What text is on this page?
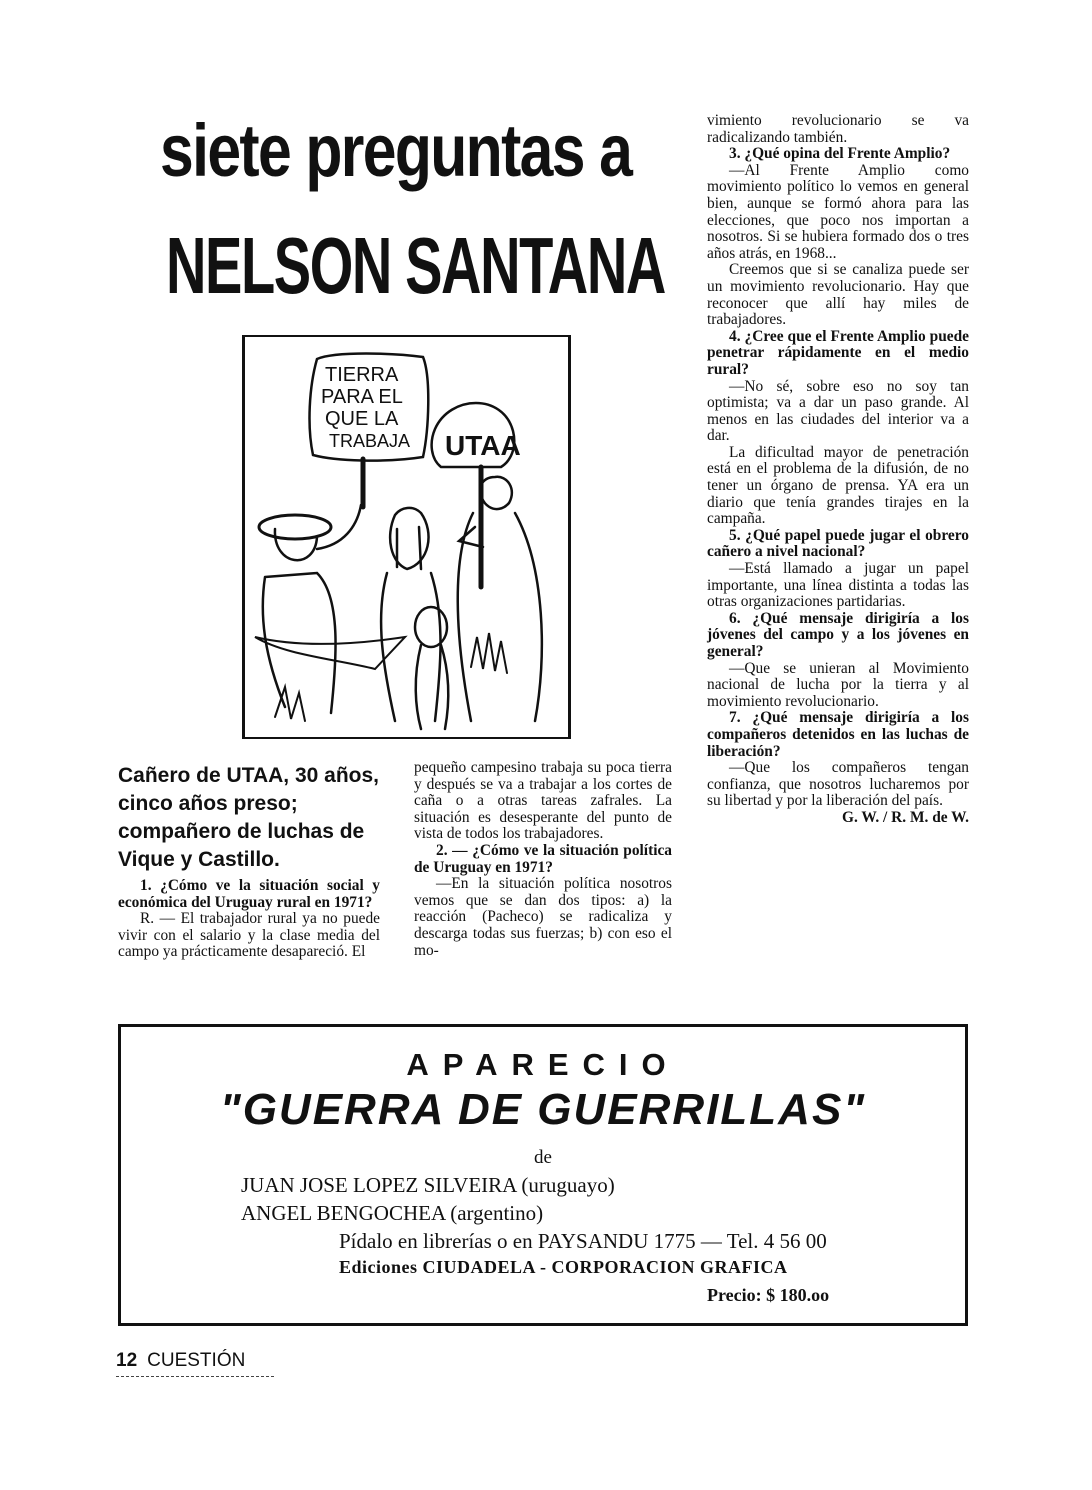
siete preguntas a
NELSON SANTANA
TIERRA
PARA EL
QUE LA
TRABAJA UTAA
Cañero de UTAA, 30 años, cinco años preso; compañero de luchas de Vique y Castillo.

1. ¿Cómo ve la situación social y económica del Uruguay rural en 1971?

R. — El trabajador rural ya no puede vivir con el salario y la clase media del campo ya prácticamente desapareció. El

pequeño campesino trabaja su poca tierra y después se va a trabajar a los cortes de caña o a otras tareas zafrales. La situación es desesperante del punto de vista de todos los trabajadores.

2. — ¿Cómo ve la situación política de Uruguay en 1971?

—En la situación política nosotros vemos que se dan dos tipos: a) la reacción (Pacheco) se radicaliza y descarga todas sus fuerzas; b) con eso el mo-

vimiento revolucionario se va radicalizando también.

3. ¿Qué opina del Frente Amplio?

—Al Frente Amplio como movimiento político lo vemos en general bien, aunque se formó ahora para las elecciones, que poco nos importan a nosotros. Si se hubiera formado dos o tres años atrás, en 1968...

Creemos que si se canaliza puede ser un movimiento revolucionario. Hay que reconocer que allí hay miles de trabajadores.

4. ¿Cree que el Frente Amplio puede penetrar rápidamente en el medio rural?

—No sé, sobre eso no soy tan optimista; va a dar un paso grande. Al menos en las ciudades del interior va a dar.

La dificultad mayor de penetración está en el problema de la difusión, de no tener un órgano de prensa. YA era un diario que tenía grandes tirajes en la campaña.

5. ¿Qué papel puede jugar el obrero cañero a nivel nacional?

—Está llamado a jugar un papel importante, una línea distinta a todas las otras organizaciones partidarias.

6. ¿Qué mensaje dirigiría a los jóvenes del campo y a los jóvenes en general?

—Que se unieran al Movimiento nacional de lucha por la tierra y al movimiento revolucionario.

7. ¿Qué mensaje dirigiría a los compañeros detenidos en las luchas de liberación?

—Que los compañeros tengan confianza, que nosotros lucharemos por su libertad y por la liberación del país.

G. W. / R. M. de W.

APARECIO
"GUERRA DE GUERRILLAS"
de
JUAN JOSE LOPEZ SILVEIRA (uruguayo)
ANGEL BENGOCHEA (argentino)
Pídalo en librerías o en PAYSANDU 1775 — Tel. 4 56 00
Ediciones CIUDADELA - CORPORACION GRAFICA
Precio: $ 180.oo
12 CUESTIÓN
